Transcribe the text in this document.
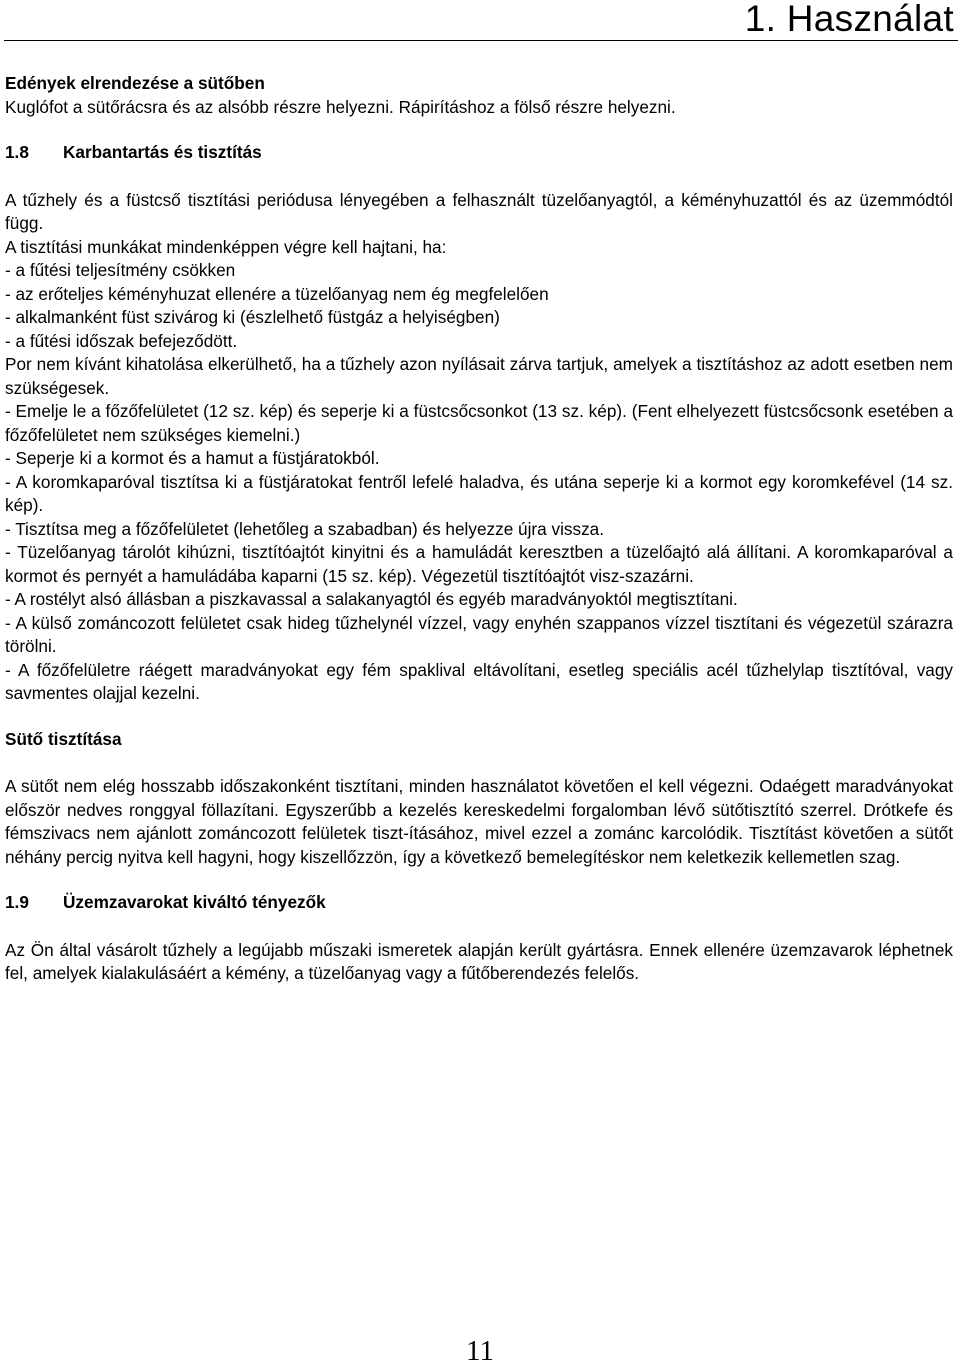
1. Használat

Edények elrendezése a sütőben

Kuglófot a sütőrácsra és az alsóbb részre helyezni. Rápirításhoz a fölső részre helyezni.

1.8	Karbantartás és tisztítás

A tűzhely és a füstcső tisztítási periódusa lényegében a felhasznált tüzelőanyagtól, a kéményhuzattól és az üzemmódtól függ.

A tisztítási munkákat mindenképpen végre kell hajtani, ha:

- a fűtési teljesítmény csökken

- az erőteljes kéményhuzat ellenére a tüzelőanyag nem ég megfelelően

- alkalmanként füst szivárog ki (észlelhető füstgáz a helyiségben)

- a fűtési időszak befejeződött.

Por nem kívánt kihatolása elkerülhető, ha a tűzhely azon nyílásait zárva tartjuk, amelyek a tisztításhoz az adott esetben nem szükségesek.

- Emelje le a főzőfelületet (12 sz. kép) és seperje ki a füstcsőcsonkot (13 sz. kép). (Fent elhelyezett füstcsőcsonk esetében a főzőfelületet nem szükséges kiemelni.)

- Seperje ki a kormot és a hamut a füstjáratokból.

- A koromkaparóval tisztítsa ki a füstjáratokat fentről lefelé haladva, és utána seperje ki a kormot egy koromkefével (14 sz. kép).

- Tisztítsa meg a főzőfelületet (lehetőleg a szabadban) és helyezze újra vissza.

- Tüzelőanyag tárolót kihúzni, tisztítóajtót kinyitni és a hamuládát keresztben a tüzelőajtó alá állítani. A koromkaparóval a kormot és pernyét a hamuládába kaparni (15 sz. kép). Végezetül tisztítóajtót visz-szazárni.

- A rostélyt alsó állásban a piszkavassal a salakanyagtól és egyéb maradványoktól megtisztítani.

- A külső zománcozott felületet csak hideg tűzhelynél vízzel, vagy enyhén szappanos vízzel tisztítani és végezetül szárazra törölni.

- A főzőfelületre ráégett maradványokat egy fém spaklival eltávolítani, esetleg speciális acél tűzhelylap tisztítóval, vagy savmentes olajjal kezelni.

Sütő tisztítása

A sütőt nem elég hosszabb időszakonként tisztítani, minden használatot követően el kell végezni. Odaégett maradványokat először nedves ronggyal föllazítani. Egyszerűbb a kezelés kereskedelmi forgalomban lévő sütőtisztító szerrel. Drótkefe és fémszivacs nem ajánlott zománcozott felületek tiszt-ításához, mivel ezzel a zománc karcolódik. Tisztítást követően a sütőt néhány percig nyitva kell hagyni, hogy kiszellőzzön, így a következő bemelegítéskor nem keletkezik kellemetlen szag.

1.9	Üzemzavarokat kiváltó tényezők

Az Ön által vásárolt tűzhely a legújabb műszaki ismeretek alapján került gyártásra. Ennek ellenére üzemzavarok léphetnek fel, amelyek kialakulásáért a kémény, a tüzelőanyag vagy a fűtőberendezés felelős.

11
